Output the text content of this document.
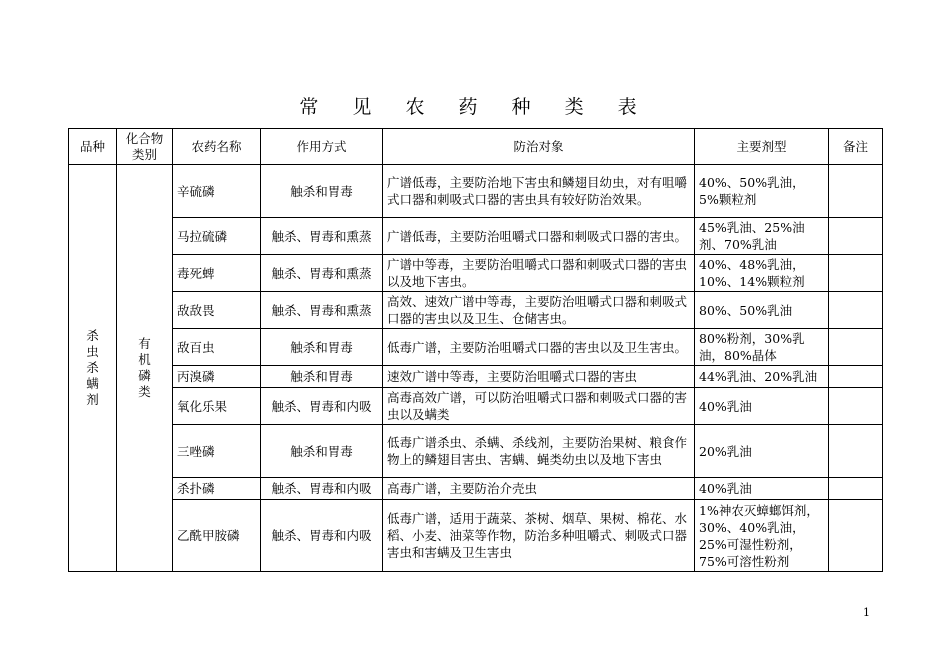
常 见 农 药 种 类 表
品种	化合物类别	农药名称	作用方式	防治对象	主要剂型	备注
杀虫杀螨剂	有机磷类	辛硫磷	触杀和胃毒	广谱低毒，主要防治地下害虫和鳞翅目幼虫，对有咀嚼式口器和刺吸式口器的害虫具有较好防治效果。	40%、50%乳油，5%颗粒剂	
		马拉硫磷	触杀、胃毒和熏蒸	广谱低毒，主要防治咀嚼式口器和刺吸式口器的害虫。	45%乳油、25%油剂、70%乳油	
		毒死蜱	触杀、胃毒和熏蒸	广谱中等毒，主要防治咀嚼式口器和刺吸式口器的害虫以及地下害虫。	40%、48%乳油，10%、14%颗粒剂	
		敌敌畏	触杀、胃毒和熏蒸	高效、速效广谱中等毒，主要防治咀嚼式口器和刺吸式口器的害虫以及卫生、仓储害虫。	80%、50%乳油	
		敌百虫	触杀和胃毒	低毒广谱，主要防治咀嚼式口器的害虫以及卫生害虫。	80%粉剂，30%乳油，80%晶体	
		丙溴磷	触杀和胃毒	速效广谱中等毒，主要防治咀嚼式口器的害虫	44%乳油、20%乳油	
		氧化乐果	触杀、胃毒和内吸	高毒高效广谱，可以防治咀嚼式口器和刺吸式口器的害虫以及螨类	40%乳油	
		三唑磷	触杀和胃毒	低毒广谱杀虫、杀螨、杀线剂，主要防治果树、粮食作物上的鳞翅目害虫、害螨、蝇类幼虫以及地下害虫	20%乳油	
		杀扑磷	触杀、胃毒和内吸	高毒广谱，主要防治介壳虫	40%乳油	
		乙酰甲胺磷	触杀、胃毒和内吸	低毒广谱，适用于蔬菜、茶树、烟草、果树、棉花、水稻、小麦、油菜等作物，防治多种咀嚼式、刺吸式口器害虫和害螨及卫生害虫	1%神农灭蟑螂饵剂，30%、40%乳油，25%可湿性粉剂，75%可溶性粉剂	
1
